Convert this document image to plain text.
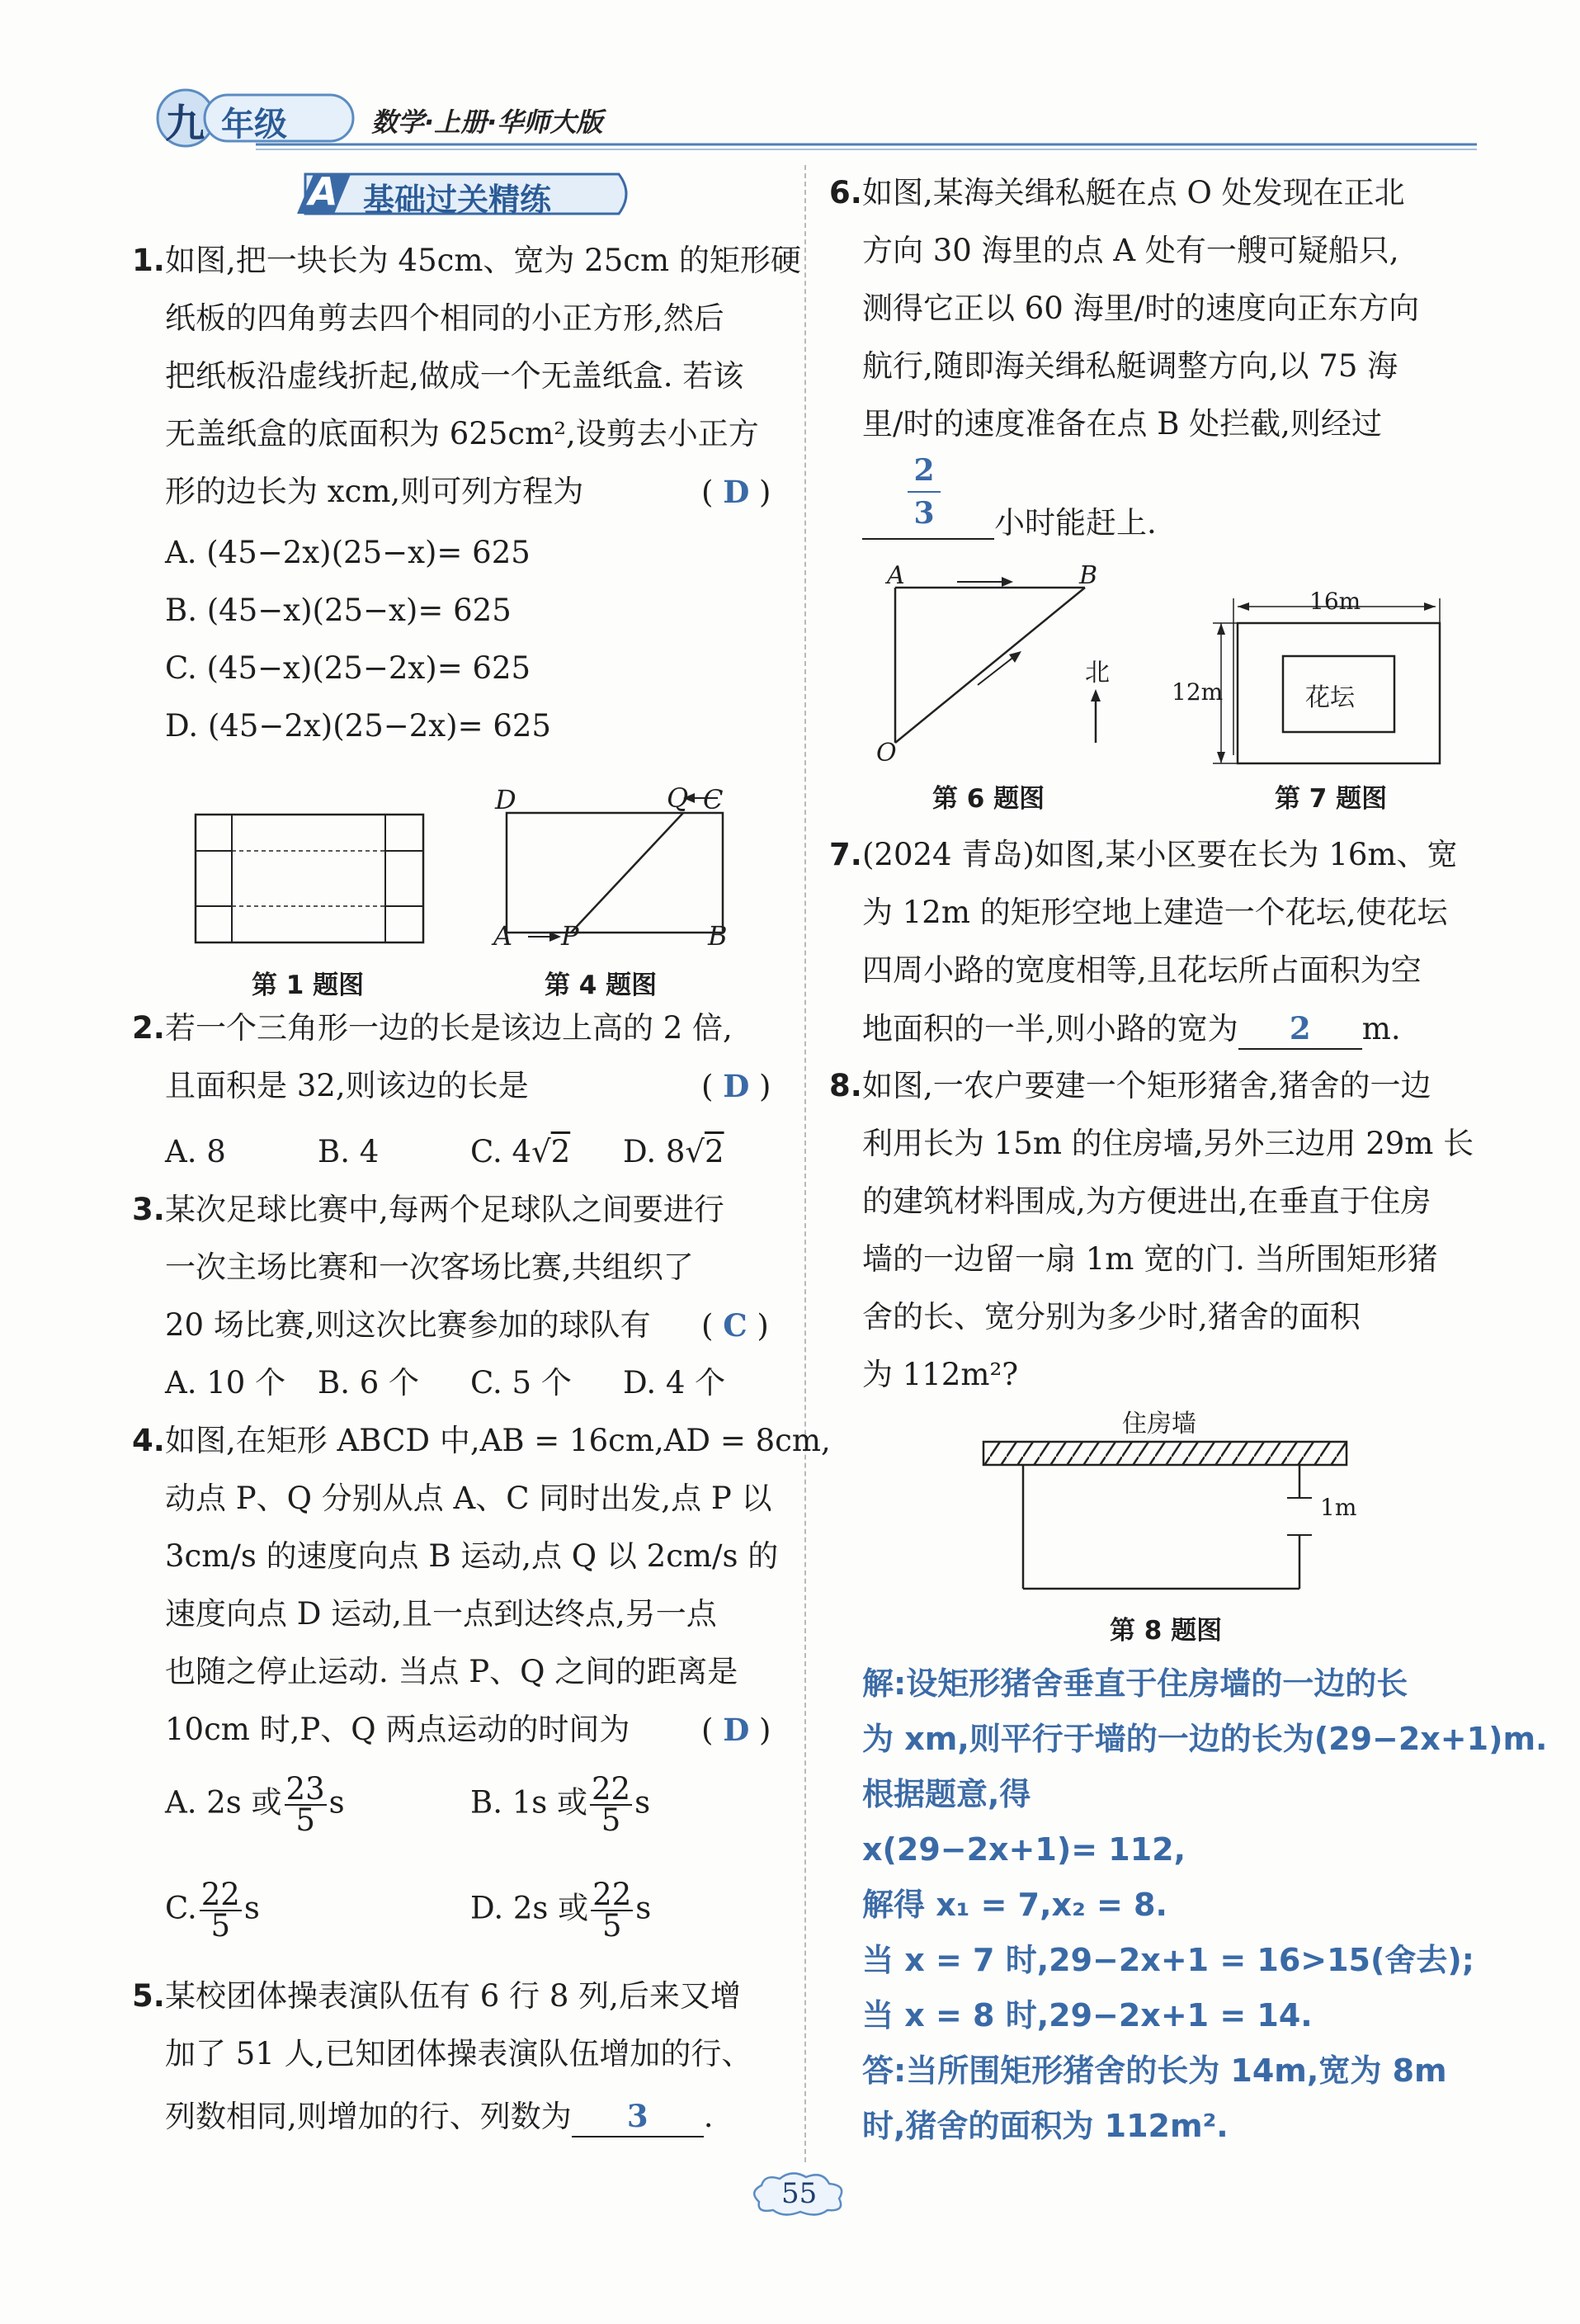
九 年级	数学·上册·华师大版
A 基础过关精练
1. 如图,把一块长为 45cm、宽为 25cm 的矩形硬
纸板的四角剪去四个相同的小正方形,然后
把纸板沿虚线折起,做成一个无盖纸盒. 若该
无盖纸盒的底面积为 625cm²,设剪去小正方
形的边长为 xcm,则可列方程为	( D )
A. (45−2x)(25−x)= 625
B. (45−x)(25−x)= 625
C. (45−x)(25−2x)= 625
D. (45−2x)(25−2x)= 625
第 1 题图
D	Q C
A P	B
第 4 题图
2. 若一个三角形一边的长是该边上高的 2 倍,
且面积是 32,则该边的长是	( D )
A. 8	B. 4	C. 4√2 D. 8√2
3. 某次足球比赛中,每两个足球队之间要进行
一次主场比赛和一次客场比赛,共组织了
20 场比赛,则这次比赛参加的球队有 ( C )
A. 10 个 B. 6 个 C. 5 个 D. 4 个
4. 如图,在矩形 ABCD 中,AB = 16cm,AD = 8cm,
动点 P、Q 分别从点 A、C 同时出发,点 P 以
3cm/s 的速度向点 B 运动,点 Q 以 2cm/s 的
速度向点 D 运动,且一点到达终点,另一点
也随之停止运动. 当点 P、Q 之间的距离是
10cm 时,P、Q 两点运动的时间为 ( D )
A. 2s 或 $\frac{23}{5}$ s	B. 1s 或 $\frac{22}{5}$ s
C. $\frac{22}{5}$ s	D. 2s 或 $\frac{22}{5}$ s
5. 某校团体操表演队伍有 6 行 8 列,后来又增
加了 51 人,已知团体操表演队伍增加的行、
列数相同,则增加的行、列数为 3 .
6. 如图,某海关缉私艇在点 O 处发现在正北
方向 30 海里的点 A 处有一艘可疑船只,
测得它正以 60 海里/时的速度向正东方向
航行,随即海关缉私艇调整方向,以 75 海
里/时的速度准备在点 B 处拦截,则经过
2
3 小时能赶上.
A	B
O
北
第 6 题图
16m
12m	花坛
第 7 题图
7. (2024 青岛)如图,某小区要在长为 16m、宽
为 12m 的矩形空地上建造一个花坛,使花坛
四周小路的宽度相等,且花坛所占面积为空
地面积的一半,则小路的宽为 2 m.
8. 如图,一农户要建一个矩形猪舍,猪舍的一边
利用长为 15m 的住房墙,另外三边用 29m 长
的建筑材料围成,为方便进出,在垂直于住房
墙的一边留一扇 1m 宽的门. 当所围矩形猪
舍的长、宽分别为多少时,猪舍的面积
为 112m²?
住房墙
1m
第 8 题图
解:设矩形猪舍垂直于住房墙的一边的长
为 xm,则平行于墙的一边的长为(29−2x+1)m.
根据题意,得
x(29−2x+1)= 112,
解得 x₁ = 7,x₂ = 8.
当 x = 7 时,29−2x+1 = 16>15(舍去);
当 x = 8 时,29−2x+1 = 14.
答:当所围矩形猪舍的长为 14m,宽为 8m
时,猪舍的面积为 112m².
55
